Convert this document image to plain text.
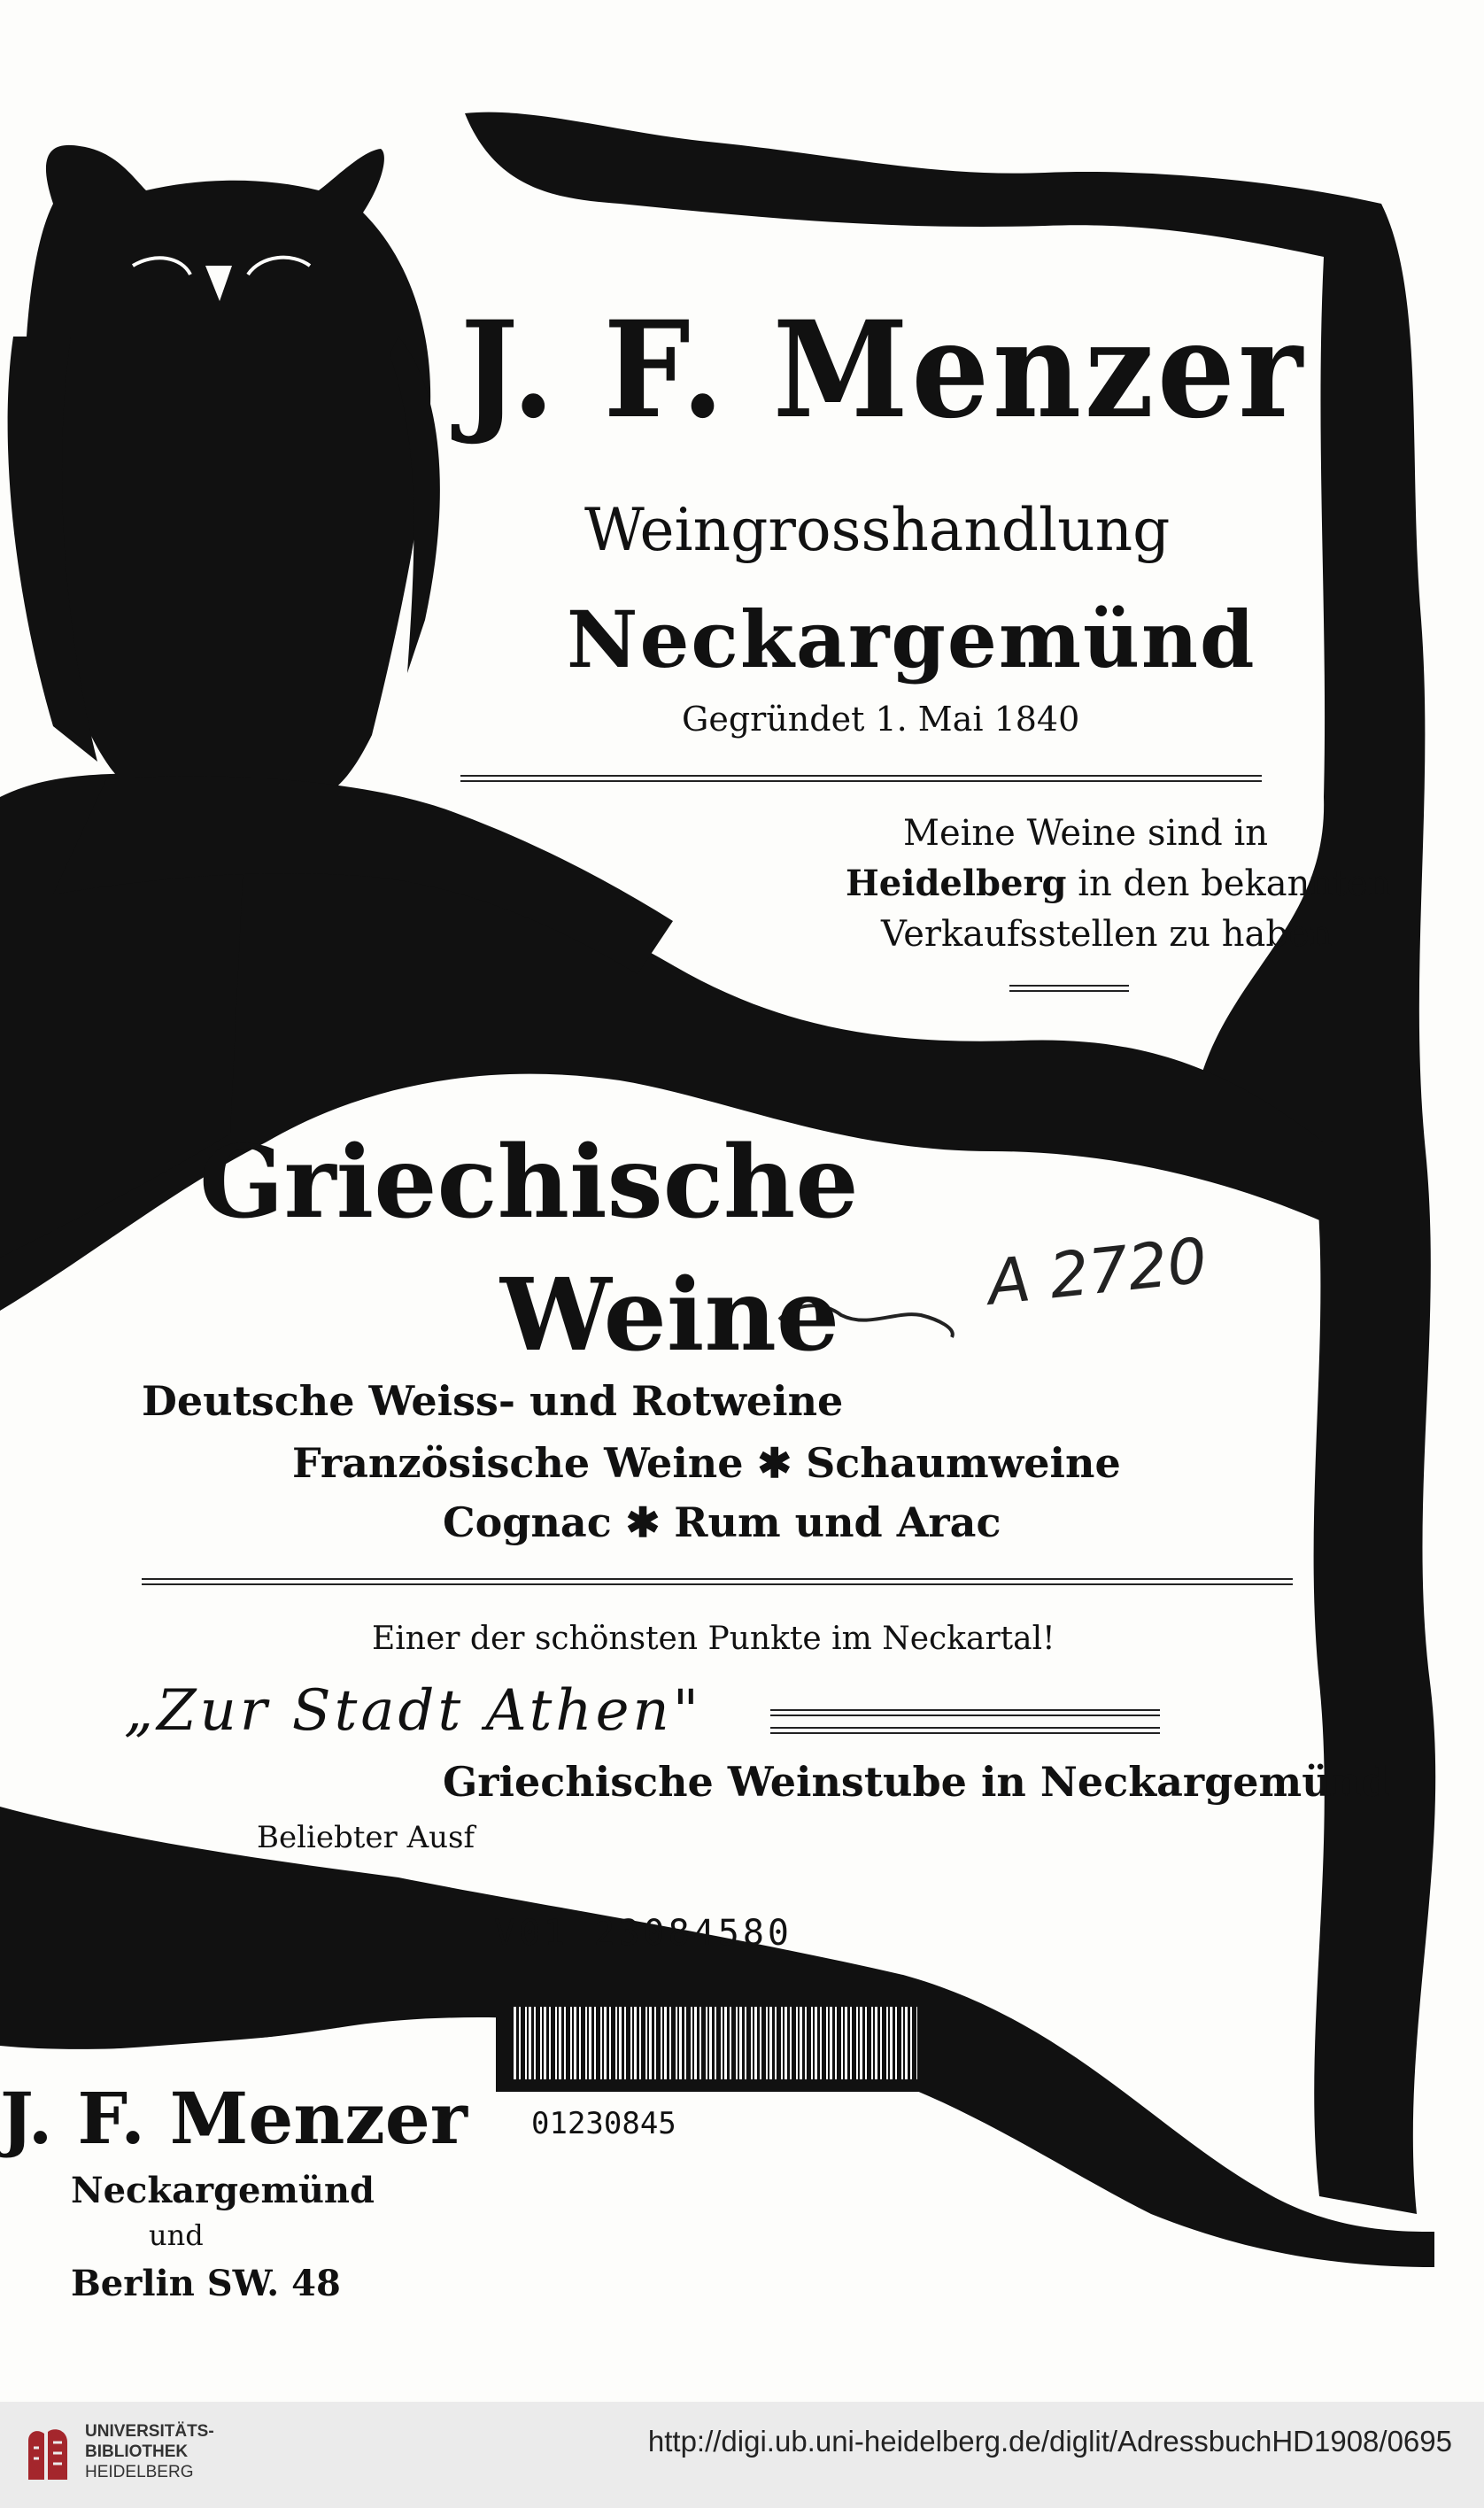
J. F. Menzer
Weingrosshandlung
Neckargemünd
Gegründet 1. Mai 1840
Meine Weine sind in
Heidelberg in den bekannten
Verkaufsstellen zu haben
Griechische
Weine A 2720
Deutsche Weiss- und Rotweine
Französische Weine ✱ Schaumweine
Cognac ✱ Rum und Arac
Einer der schönsten Punkte im Neckartal!
„Zur Stadt Athen"
Griechische Weinstube in Neckargemünd
Beliebter Ausf
V01 23084580
01230845
J. F. Menzer
Neckargemünd
und
Berlin SW. 48
UNIVERSITÄTS-
BIBLIOTHEK
HEIDELBERG
http://digi.ub.uni-heidelberg.de/diglit/AdressbuchHD1908/0695
